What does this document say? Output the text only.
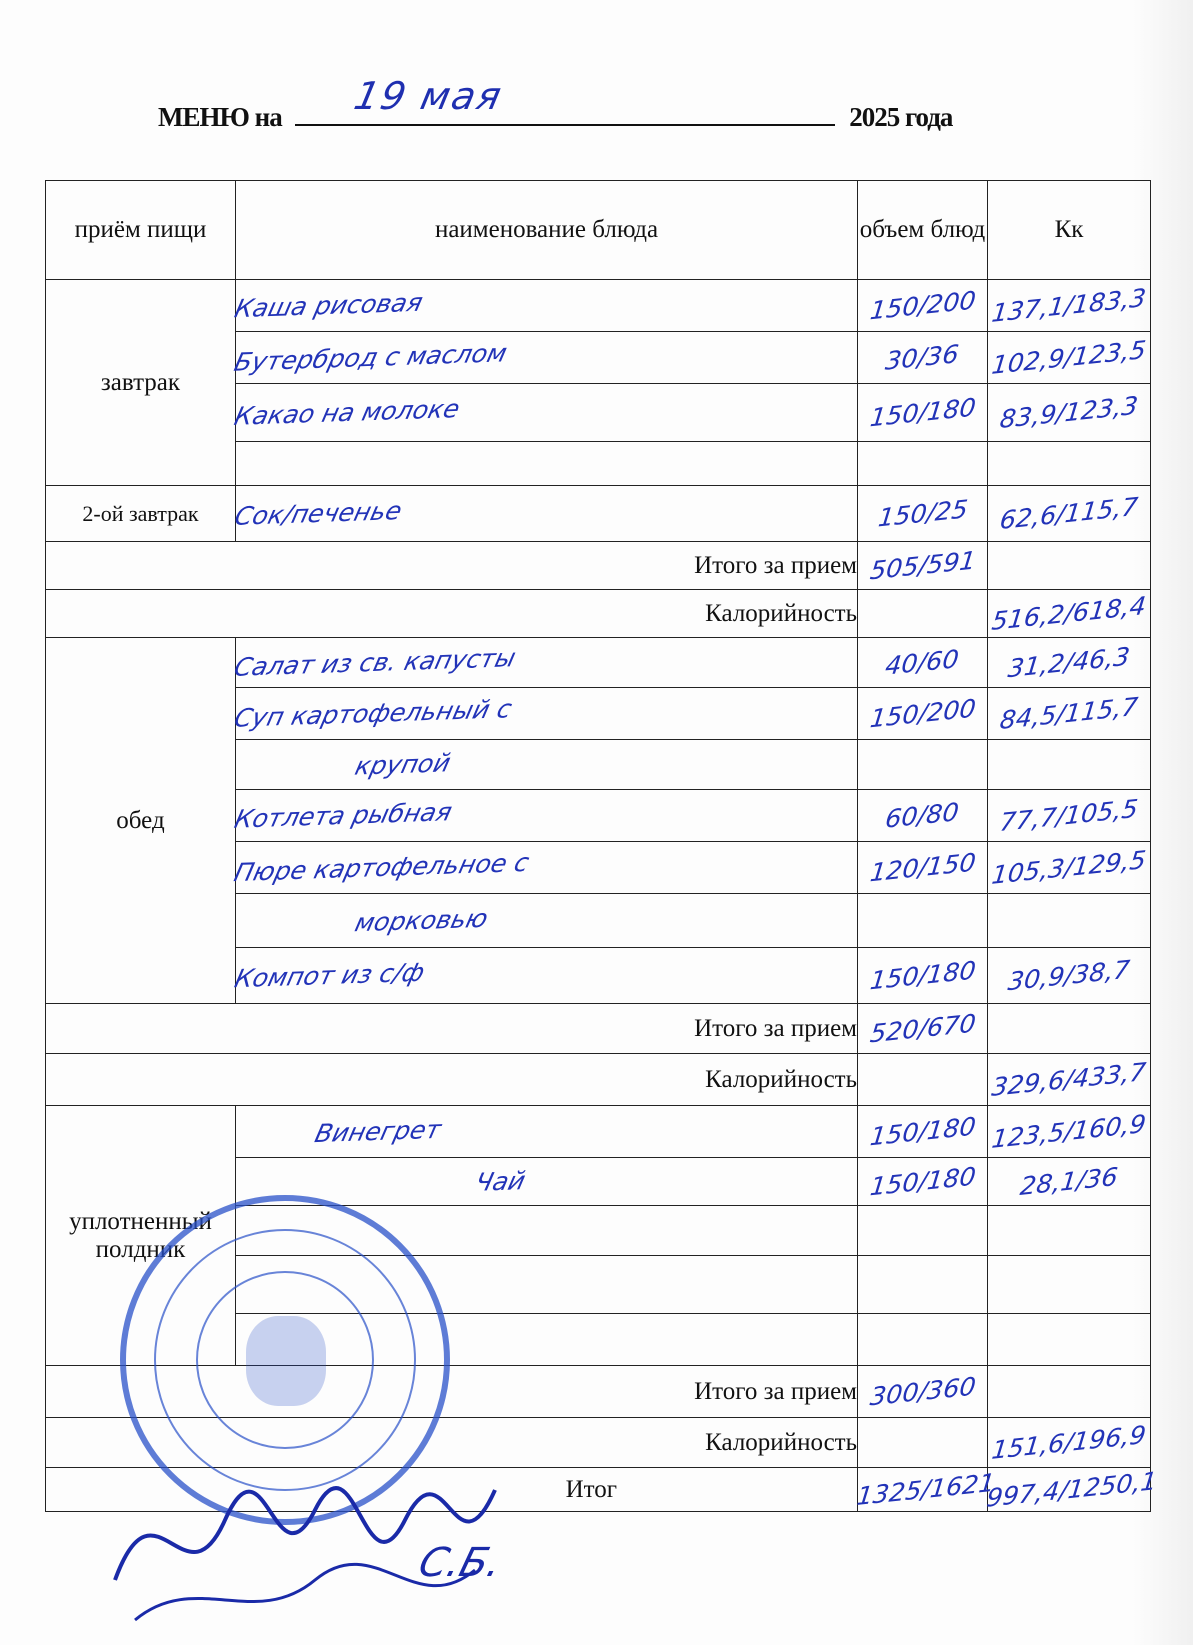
МЕНЮ на 19 мая	2025 года
приём пищи	наименование блюда	объем блюд	Кк
завтрак	Каша рисовая	150/200	137,1/183,3
	Бутерброд с маслом	30/36	102,9/123,5
	Какао на молоке	150/180	83,9/123,3

2-ой завтрак	Сок/печенье	150/25	62,6/115,7
Итого за прием		505/591	
Калорийность			516,2/618,4
обед	Салат из св. капусты	40/60	31,2/46,3
	Суп картофельный с	150/200	84,5/115,7
	крупой		
	Котлета рыбная	60/80	77,7/105,5
	Пюре картофельное с	120/150	105,3/129,5
	морковью		
	Компот из с/ф	150/180	30,9/38,7
Итого за прием		520/670	
Калорийность			329,6/433,7
уплотненный полдник	Винегрет	150/180	123,5/160,9
	Чай	150/180	28,1/36

Итого за прием		300/360	
Калорийность			151,6/196,9
Итог		1325/1621	997,4/1250,1
С.Б.
